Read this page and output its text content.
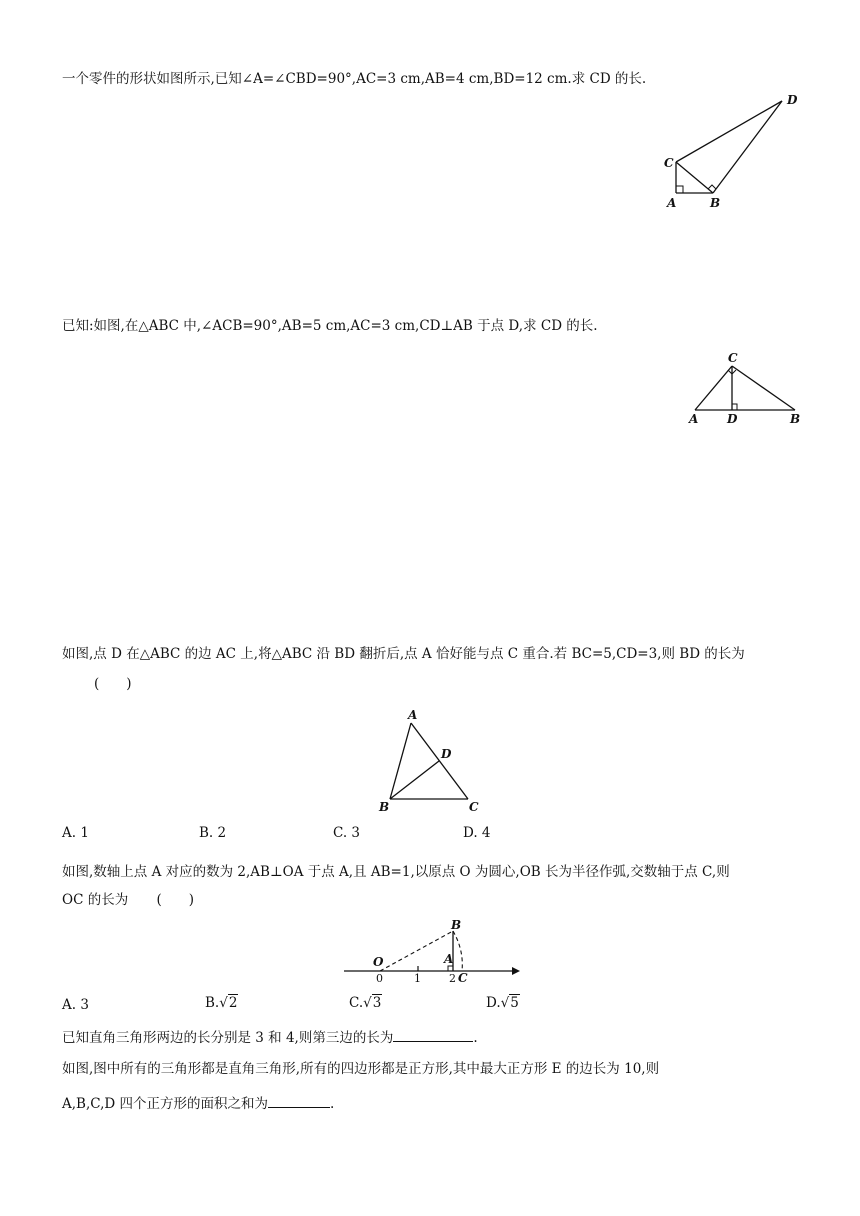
一个零件的形状如图所示,已知∠A=∠CBD=90°,AC=3 cm,AB=4 cm,BD=12 cm.求 CD 的长.
A	B
C
D
已知:如图,在△ABC 中,∠ACB=90°,AB=5 cm,AC=3 cm,CD⊥AB 于点 D,求 CD 的长.
A D	B
C
如图,点 D 在△ABC 的边 AC 上,将△ABC 沿 BD 翻折后,点 A 恰好能与点 C 重合.若 BC=5,CD=3,则 BD 的长为
(　　)
A
D
B	C
A. 1	B. 2	C. 3	D. 4
如图,数轴上点 A 对应的数为 2,AB⊥OA 于点 A,且 AB=1,以原点 O 为圆心,OB 长为半径作弧,交数轴于点 C,则
OC 的长为 (　　)
O
B
A
C
0	1	2
A. 3	B.√2	C.√3	D.√5
已知直角三角形两边的长分别是 3 和 4,则第三边的长为	.
如图,图中所有的三角形都是直角三角形,所有的四边形都是正方形,其中最大正方形 E 的边长为 10,则
A,B,C,D 四个正方形的面积之和为	.
